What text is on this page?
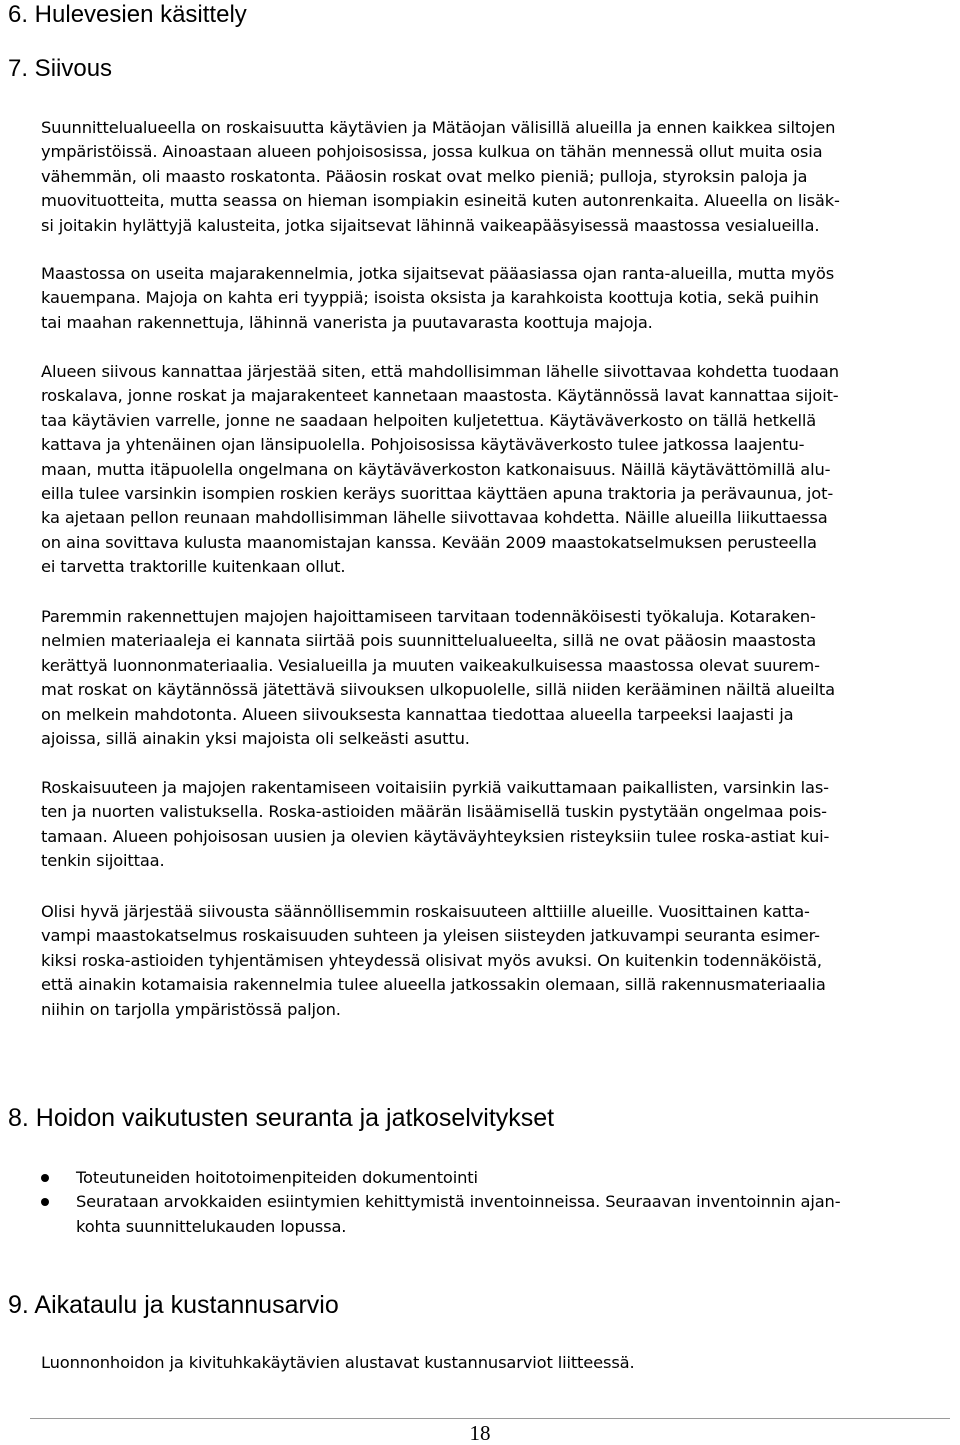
6. Hulevesien käsittely
7. Siivous
Suunnittelualueella on roskaisuutta käytävien ja Mätäojan välisillä alueilla ja ennen kaikkea siltojen
ympäristöissä. Ainoastaan alueen pohjoisosissa, jossa kulkua on tähän mennessä ollut muita osia
vähemmän, oli maasto roskatonta. Pääosin roskat ovat melko pieniä; pulloja, styroksin paloja ja
muovituotteita, mutta seassa on hieman isompiakin esineitä kuten autonrenkaita. Alueella on lisäk-
si joitakin hylättyjä kalusteita, jotka sijaitsevat lähinnä vaikeapääsyisessä maastossa vesialueilla.
Maastossa on useita majarakennelmia, jotka sijaitsevat pääasiassa ojan ranta-alueilla, mutta myös
kauempana. Majoja on kahta eri tyyppiä; isoista oksista ja karahkoista koottuja kotia, sekä puihin
tai maahan rakennettuja, lähinnä vanerista ja puutavarasta koottuja majoja.
Alueen siivous kannattaa järjestää siten, että mahdollisimman lähelle siivottavaa kohdetta tuodaan
roskalava, jonne roskat ja majarakenteet kannetaan maastosta. Käytännössä lavat kannattaa sijoit-
taa käytävien varrelle, jonne ne saadaan helpoiten kuljetettua. Käytäväverkosto on tällä hetkellä
kattava ja yhtenäinen ojan länsipuolella. Pohjoisosissa käytäväverkosto tulee jatkossa laajentu-
maan, mutta itäpuolella ongelmana on käytäväverkoston katkonaisuus. Näillä käytävättömillä alu-
eilla tulee varsinkin isompien roskien keräys suorittaa käyttäen apuna traktoria ja perävaunua, jot-
ka ajetaan pellon reunaan mahdollisimman lähelle siivottavaa kohdetta. Näille alueilla liikuttaessa
on aina sovittava kulusta maanomistajan kanssa. Kevään 2009 maastokatselmuksen perusteella
ei tarvetta traktorille kuitenkaan ollut.
Paremmin rakennettujen majojen hajoittamiseen tarvitaan todennäköisesti työkaluja. Kotaraken-
nelmien materiaaleja ei kannata siirtää pois suunnittelualueelta, sillä ne ovat pääosin maastosta
kerättyä luonnonmateriaalia. Vesialueilla ja muuten vaikeakulkuisessa maastossa olevat suurem-
mat roskat on käytännössä jätettävä siivouksen ulkopuolelle, sillä niiden kerääminen näiltä alueilta
on melkein mahdotonta. Alueen siivouksesta kannattaa tiedottaa alueella tarpeeksi laajasti ja
ajoissa, sillä ainakin yksi majoista oli selkeästi asuttu.
Roskaisuuteen ja majojen rakentamiseen voitaisiin pyrkiä vaikuttamaan paikallisten, varsinkin las-
ten ja nuorten valistuksella. Roska-astioiden määrän lisäämisellä tuskin pystytään ongelmaa pois-
tamaan. Alueen pohjoisosan uusien ja olevien käytäväyhteyksien risteyksiin tulee roska-astiat kui-
tenkin sijoittaa.
Olisi hyvä järjestää siivousta säännöllisemmin roskaisuuteen alttiille alueille. Vuosittainen katta-
vampi maastokatselmus roskaisuuden suhteen ja yleisen siisteyden jatkuvampi seuranta esimer-
kiksi roska-astioiden tyhjentämisen yhteydessä olisivat myös avuksi. On kuitenkin todennäköistä,
että ainakin kotamaisia rakennelmia tulee alueella jatkossakin olemaan, sillä rakennusmateriaalia
niihin on tarjolla ympäristössä paljon.
8. Hoidon vaikutusten seuranta ja jatkoselvitykset
Toteutuneiden hoitotoimenpiteiden dokumentointi
Seurataan arvokkaiden esiintymien kehittymistä inventoinneissa. Seuraavan inventoinnin ajan-
kohta suunnittelukauden lopussa.
9. Aikataulu ja kustannusarvio
Luonnonhoidon ja kivituhkakäytävien alustavat kustannusarviot liitteessä.
18
